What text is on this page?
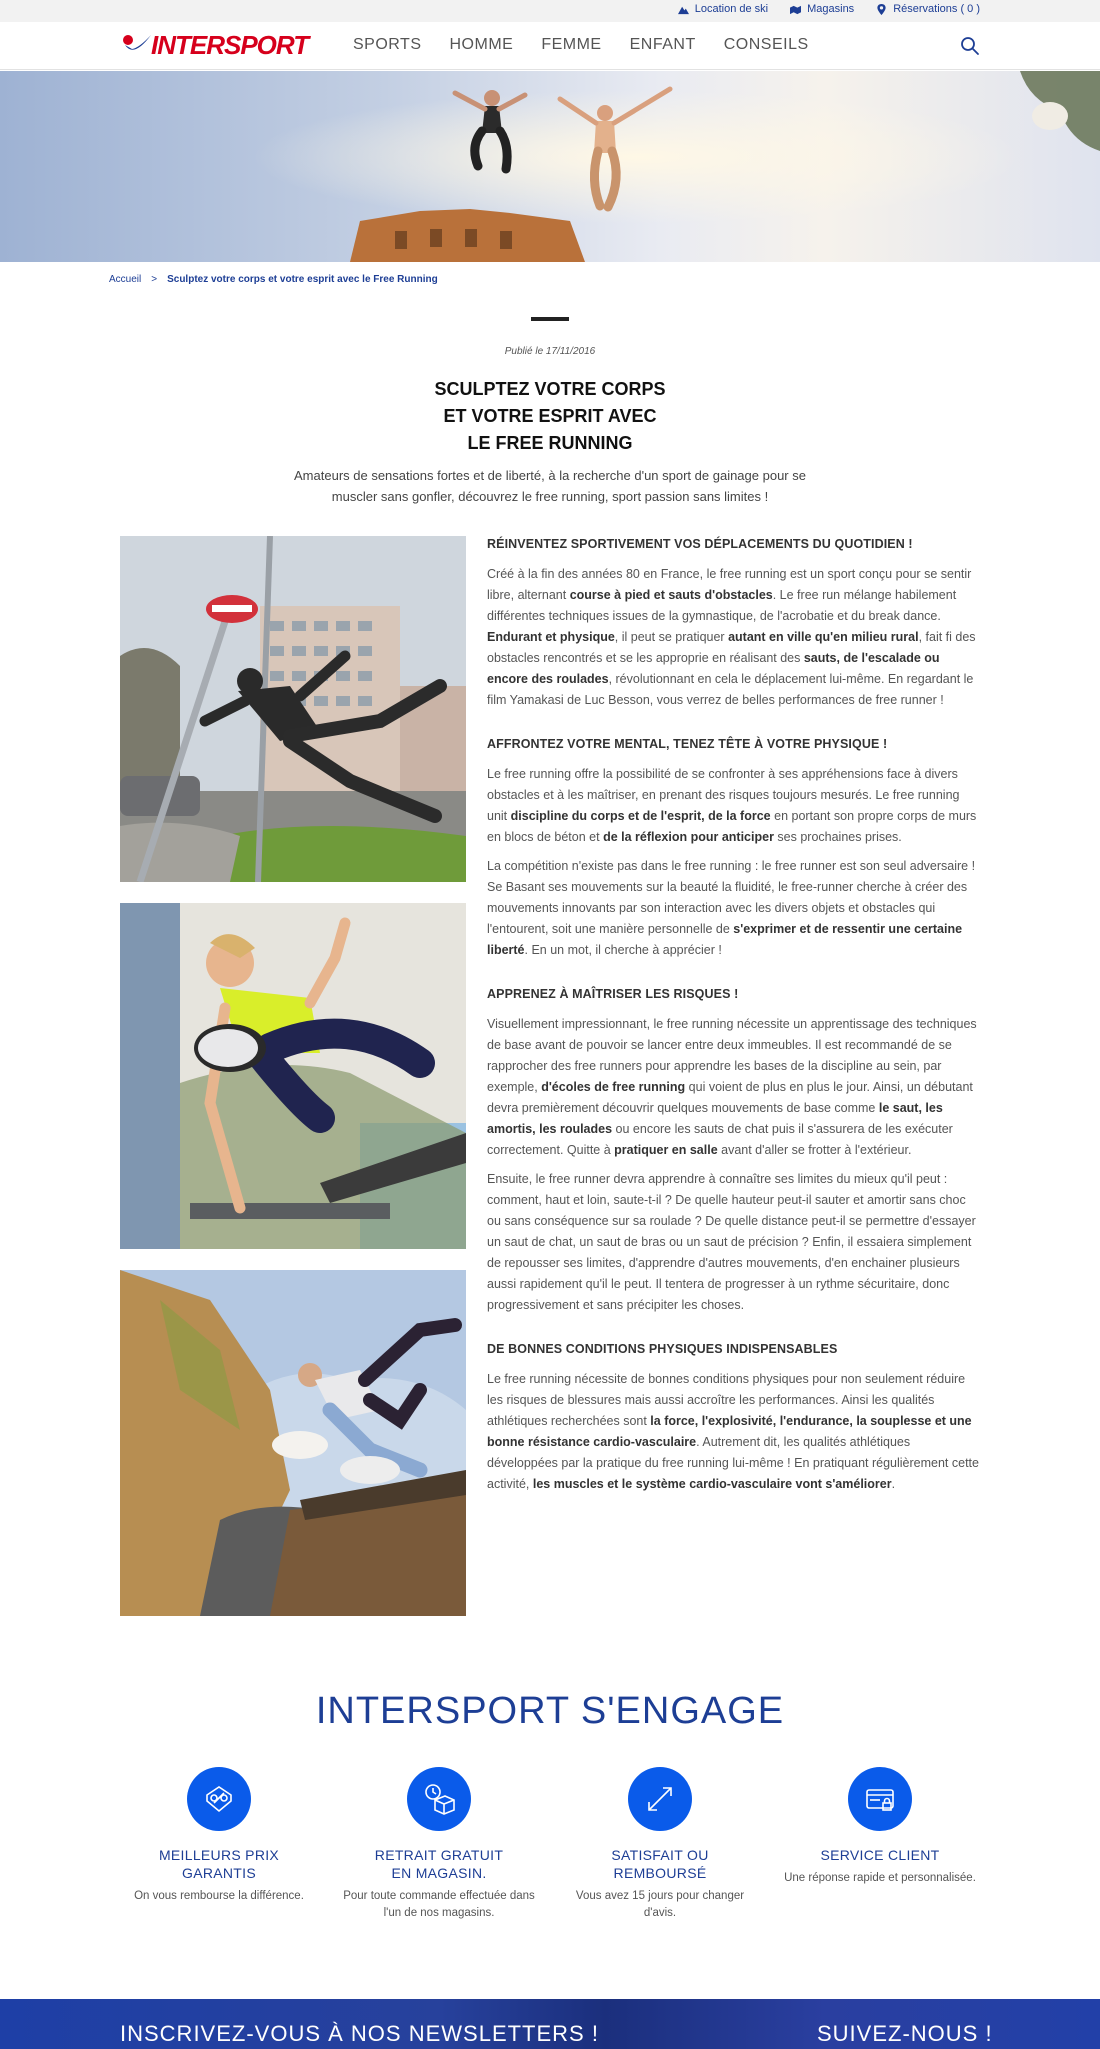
Location de ski	Magasins	Réservations ( 0 )
INTERSPORT	SPORTS HOMME FEMME ENFANT CONSEILS
Accueil > Sculptez votre corps et votre esprit avec le Free Running
Publié le 17/11/2016
SCULPTEZ VOTRE CORPS
ET VOTRE ESPRIT AVEC
LE FREE RUNNING
Amateurs de sensations fortes et de liberté, à la recherche d'un sport de gainage pour se muscler sans gonfler, découvrez le free running, sport passion sans limites !
RÉINVENTEZ SPORTIVEMENT VOS DÉPLACEMENTS DU QUOTIDIEN !

Créé à la fin des années 80 en France, le free running est un sport conçu pour se sentir libre, alternant course à pied et sauts d'obstacles. Le free run mélange habilement différentes techniques issues de la gymnastique, de l'acrobatie et du break dance. Endurant et physique, il peut se pratiquer autant en ville qu'en milieu rural, fait fi des obstacles rencontrés et se les approprie en réalisant des sauts, de l'escalade ou encore des roulades, révolutionnant en cela le déplacement lui-même. En regardant le film Yamakasi de Luc Besson, vous verrez de belles performances de free runner !

AFFRONTEZ VOTRE MENTAL, TENEZ TÊTE À VOTRE PHYSIQUE !

Le free running offre la possibilité de se confronter à ses appréhensions face à divers obstacles et à les maîtriser, en prenant des risques toujours mesurés. Le free running unit discipline du corps et de l'esprit, de la force en portant son propre corps de murs en blocs de béton et de la réflexion pour anticiper ses prochaines prises.

La compétition n'existe pas dans le free running : le free runner est son seul adversaire ! Se Basant ses mouvements sur la beauté la fluidité, le free-runner cherche à créer des mouvements innovants par son interaction avec les divers objets et obstacles qui l'entourent, soit une manière personnelle de s'exprimer et de ressentir une certaine liberté. En un mot, il cherche à apprécier !

APPRENEZ À MAÎTRISER LES RISQUES !

Visuellement impressionnant, le free running nécessite un apprentissage des techniques de base avant de pouvoir se lancer entre deux immeubles. Il est recommandé de se rapprocher des free runners pour apprendre les bases de la discipline au sein, par exemple, d'écoles de free running qui voient de plus en plus le jour. Ainsi, un débutant devra premièrement découvrir quelques mouvements de base comme le saut, les amortis, les roulades ou encore les sauts de chat puis il s'assurera de les exécuter correctement. Quitte à pratiquer en salle avant d'aller se frotter à l'extérieur.

Ensuite, le free runner devra apprendre à connaître ses limites du mieux qu'il peut : comment, haut et loin, saute-t-il ? De quelle hauteur peut-il sauter et amortir sans choc ou sans conséquence sur sa roulade ? De quelle distance peut-il se permettre d'essayer un saut de chat, un saut de bras ou un saut de précision ? Enfin, il essaiera simplement de repousser ses limites, d'apprendre d'autres mouvements, d'en enchainer plusieurs aussi rapidement qu'il le peut. Il tentera de progresser à un rythme sécuritaire, donc progressivement et sans précipiter les choses.

DE BONNES CONDITIONS PHYSIQUES INDISPENSABLES

Le free running nécessite de bonnes conditions physiques pour non seulement réduire les risques de blessures mais aussi accroître les performances. Ainsi les qualités athlétiques recherchées sont la force, l'explosivité, l'endurance, la souplesse et une bonne résistance cardio-vasculaire. Autrement dit, les qualités athlétiques développées par la pratique du free running lui-même ! En pratiquant régulièrement cette activité, les muscles et le système cardio-vasculaire vont s'améliorer.

INTERSPORT S'ENGAGE
MEILLEURS PRIX
GARANTIS
On vous rembourse la différence.
RETRAIT GRATUIT
EN MAGASIN.
Pour toute commande effectuée dans l'un de nos magasins.
SATISFAIT OU
REMBOURSÉ
Vous avez 15 jours pour changer d'avis.
SERVICE CLIENT
Une réponse rapide et personnalisée.
INSCRIVEZ-VOUS À NOS NEWSLETTERS !	SUIVEZ-NOUS !
